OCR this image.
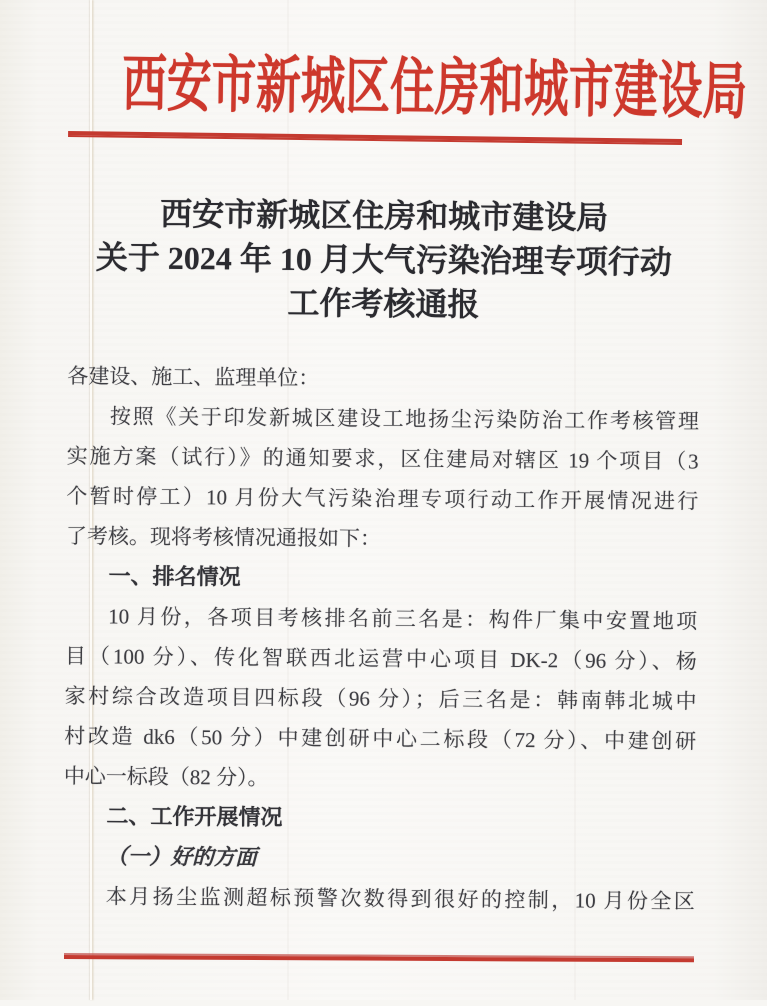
西安市新城区住房和城市建设局
西安市新城区住房和城市建设局
关于 2024 年 10 月大气污染治理专项行动
工作考核通报
各建设、施工、监理单位：
按照《关于印发新城区建设工地扬尘污染防治工作考核管理
实施方案（试行）》的通知要求，区住建局对辖区 19 个项目（3
个暂时停工）10 月份大气污染治理专项行动工作开展情况进行
了考核。现将考核情况通报如下：
一、排名情况
10 月份，各项目考核排名前三名是：构件厂集中安置地项
目（100 分）、传化智联西北运营中心项目 DK-2（96 分）、杨
家村综合改造项目四标段（96 分）；后三名是：韩南韩北城中
村改造 dk6（50 分）中建创研中心二标段（72 分）、中建创研
中心一标段（82 分）。
二、工作开展情况
（一）好的方面
本月扬尘监测超标预警次数得到很好的控制，10 月份全区
